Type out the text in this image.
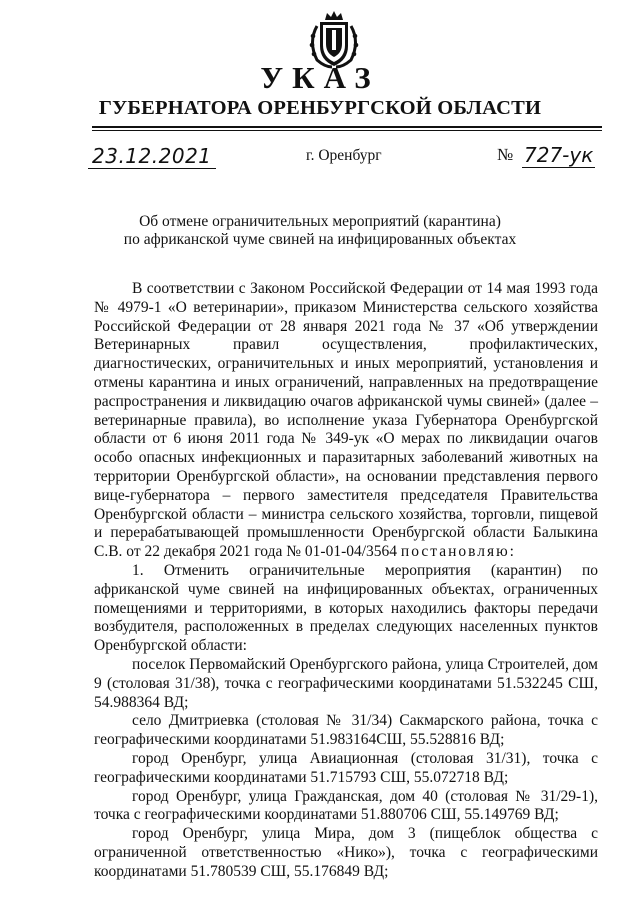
УКАЗ
ГУБЕРНАТОРА ОРЕНБУРГСКОЙ ОБЛАСТИ
23.12.2021	г. Оренбург	№ 727-ук
Об отмене ограничительных мероприятий (карантина)
по африканской чуме свиней на инфицированных объектах

В соответствии с Законом Российской Федерации от 14 мая 1993 года № 4979-1 «О ветеринарии», приказом Министерства сельского хозяйства Российской Федерации от 28 января 2021 года № 37 «Об утверждении Ветеринарных правил осуществления, профилактических, диагностических, ограничительных и иных мероприятий, установления и отмены карантина и иных ограничений, направленных на предотвращение распространения и ликвидацию очагов африканской чумы свиней» (далее – ветеринарные правила), во исполнение указа Губернатора Оренбургской области от 6 июня 2011 года № 349-ук «О мерах по ликвидации очагов особо опасных инфекционных и паразитарных заболеваний животных на территории Оренбургской области», на основании представления первого вице-губернатора – первого заместителя председателя Правительства Оренбургской области – министра сельского хозяйства, торговли, пищевой и перерабатывающей промышленности Оренбургской области Балыкина С.В. от 22 декабря 2021 года № 01-01-04/3564 постановляю:

1. Отменить ограничительные мероприятия (карантин) по африканской чуме свиней на инфицированных объектах, ограниченных помещениями и территориями, в которых находились факторы передачи возбудителя, расположенных в пределах следующих населенных пунктов Оренбургской области:

поселок Первомайский Оренбургского района, улица Строителей, дом 9 (столовая 31/38), точка с географическими координатами 51.532245 СШ, 54.988364 ВД;

село Дмитриевка (столовая № 31/34) Сакмарского района, точка с географическими координатами 51.983164СШ, 55.528816 ВД;

город Оренбург, улица Авиационная (столовая 31/31), точка с географическими координатами 51.715793 СШ, 55.072718 ВД;

город Оренбург, улица Гражданская, дом 40 (столовая № 31/29-1), точка с географическими координатами 51.880706 СШ, 55.149769 ВД;

город Оренбург, улица Мира, дом 3 (пищеблок общества с ограниченной ответственностью «Нико»), точка с географическими координатами 51.780539 СШ, 55.176849 ВД;
